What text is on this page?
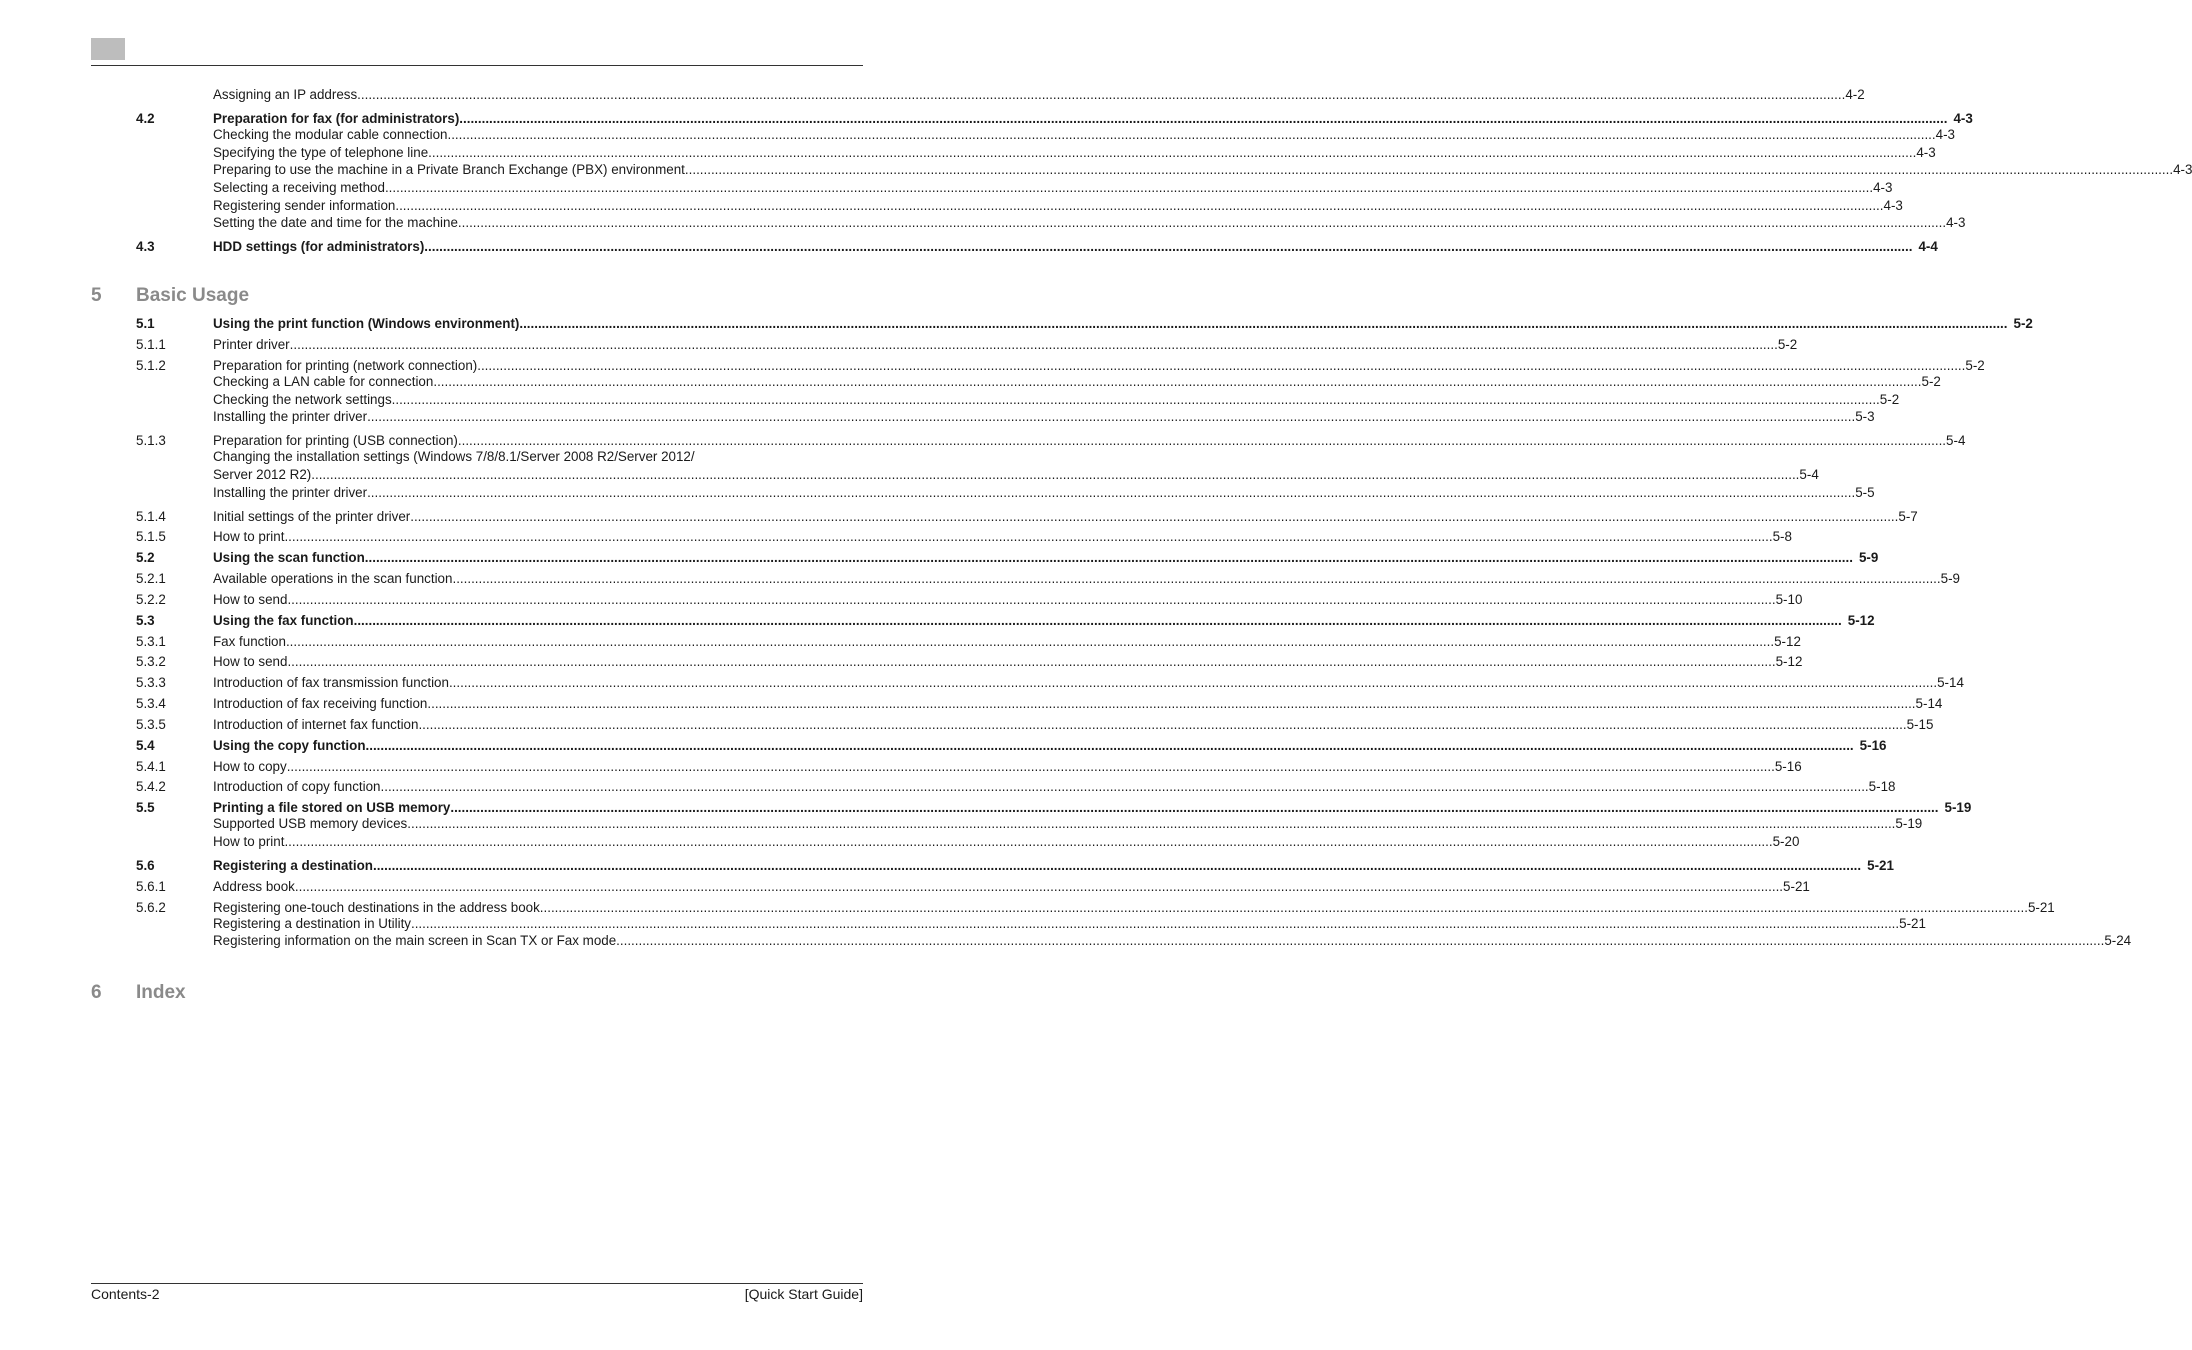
Assigning an IP address ................................................................................................................................................................................................................................................................................................................................................................................................................ 4-2
4.2	Preparation for fax (for administrators) ................................................................................................................................................................................................................................................................................................................................................................................................................ 4-3
Checking the modular cable connection ................................................................................................................................................................................................................................................................................................................................................................................................................ 4-3
Specifying the type of telephone line ................................................................................................................................................................................................................................................................................................................................................................................................................ 4-3
Preparing to use the machine in a Private Branch Exchange (PBX) environment ................................................................................................................................................................................................................................................................................................................................................................................................................ 4-3
Selecting a receiving method ................................................................................................................................................................................................................................................................................................................................................................................................................ 4-3
Registering sender information ................................................................................................................................................................................................................................................................................................................................................................................................................ 4-3
Setting the date and time for the machine ................................................................................................................................................................................................................................................................................................................................................................................................................ 4-3
4.3	HDD settings (for administrators) ................................................................................................................................................................................................................................................................................................................................................................................................................ 4-4
5.1	Using the print function (Windows environment) ................................................................................................................................................................................................................................................................................................................................................................................................................ 5-2
5.1.1	Printer driver ................................................................................................................................................................................................................................................................................................................................................................................................................ 5-2
5.1.2	Preparation for printing (network connection) ................................................................................................................................................................................................................................................................................................................................................................................................................ 5-2
Checking a LAN cable for connection ................................................................................................................................................................................................................................................................................................................................................................................................................ 5-2
Checking the network settings ................................................................................................................................................................................................................................................................................................................................................................................................................ 5-2
Installing the printer driver ................................................................................................................................................................................................................................................................................................................................................................................................................ 5-3
5.1.3	Preparation for printing (USB connection) ................................................................................................................................................................................................................................................................................................................................................................................................................ 5-4
Changing the installation settings (Windows 7/8/8.1/Server 2008 R2/Server 2012/
Server 2012 R2) ................................................................................................................................................................................................................................................................................................................................................................................................................ 5-4
Installing the printer driver ................................................................................................................................................................................................................................................................................................................................................................................................................ 5-5
5.1.4	Initial settings of the printer driver ................................................................................................................................................................................................................................................................................................................................................................................................................ 5-7
5.1.5	How to print ................................................................................................................................................................................................................................................................................................................................................................................................................ 5-8
5.2	Using the scan function ................................................................................................................................................................................................................................................................................................................................................................................................................ 5-9
5.2.1	Available operations in the scan function ................................................................................................................................................................................................................................................................................................................................................................................................................ 5-9
5.2.2	How to send ................................................................................................................................................................................................................................................................................................................................................................................................................ 5-10
5.3	Using the fax function ................................................................................................................................................................................................................................................................................................................................................................................................................ 5-12
5.3.1	Fax function ................................................................................................................................................................................................................................................................................................................................................................................................................ 5-12
5.3.2	How to send ................................................................................................................................................................................................................................................................................................................................................................................................................ 5-12
5.3.3	Introduction of fax transmission function ................................................................................................................................................................................................................................................................................................................................................................................................................ 5-14
5.3.4	Introduction of fax receiving function ................................................................................................................................................................................................................................................................................................................................................................................................................ 5-14
5.3.5	Introduction of internet fax function ................................................................................................................................................................................................................................................................................................................................................................................................................ 5-15
5.4	Using the copy function ................................................................................................................................................................................................................................................................................................................................................................................................................ 5-16
5.4.1	How to copy ................................................................................................................................................................................................................................................................................................................................................................................................................ 5-16
5.4.2	Introduction of copy function ................................................................................................................................................................................................................................................................................................................................................................................................................ 5-18
5.5	Printing a file stored on USB memory ................................................................................................................................................................................................................................................................................................................................................................................................................ 5-19
Supported USB memory devices ................................................................................................................................................................................................................................................................................................................................................................................................................ 5-19
How to print ................................................................................................................................................................................................................................................................................................................................................................................................................ 5-20
5.6	Registering a destination ................................................................................................................................................................................................................................................................................................................................................................................................................ 5-21
5.6.1	Address book ................................................................................................................................................................................................................................................................................................................................................................................................................ 5-21
5.6.2	Registering one-touch destinations in the address book ................................................................................................................................................................................................................................................................................................................................................................................................................ 5-21
Registering a destination in Utility ................................................................................................................................................................................................................................................................................................................................................................................................................ 5-21
Registering information on the main screen in Scan TX or Fax mode ................................................................................................................................................................................................................................................................................................................................................................................................................ 5-24
5 Basic Usage
6 Index
Contents-2	[Quick Start Guide]
